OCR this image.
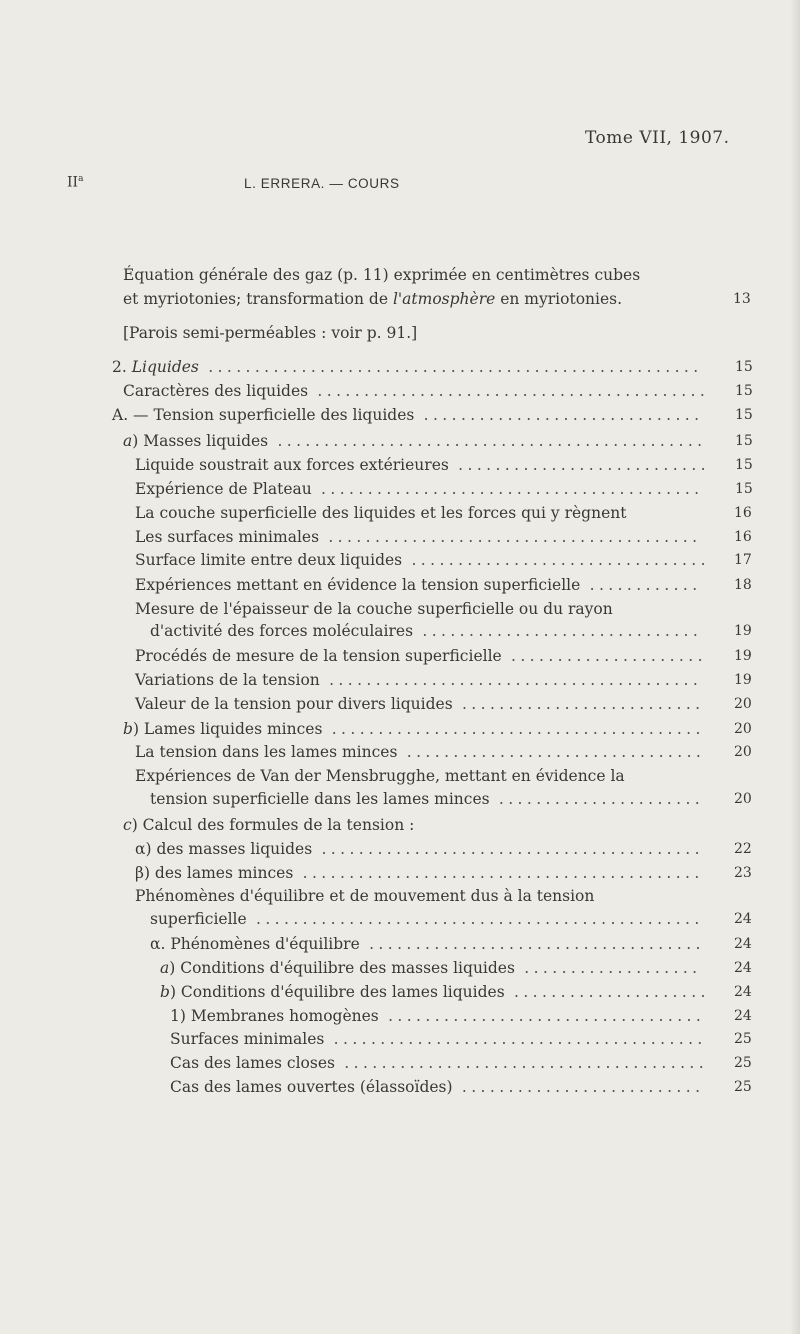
Tome VII, 1907.
$II^a$	L. ERRERA. — COURS
Équation générale des gaz (p. 11) exprimée en centimètres cubes
et myriotonies; transformation de l'atmosphère en myriotonies.	13
[Parois semi-perméables : voir p. 91.]
2. Liquides ..................................................... 15
Caractères des liquides .......................................... 15
A. — Tension superficielle des liquides .............................. 15
a) Masses liquides .............................................. 15
Liquide soustrait aux forces extérieures ........................... 15
Expérience de Plateau ......................................... 15
La couche superficielle des liquides et les forces qui y règnent	16
Les surfaces minimales ........................................ 16
Surface limite entre deux liquides ................................ 17
Expériences mettant en évidence la tension superficielle ............ 18
Mesure de l'épaisseur de la couche superficielle ou du rayon
d'activité des forces moléculaires .............................. 19
Procédés de mesure de la tension superficielle ..................... 19
Variations de la tension ........................................ 19
Valeur de la tension pour divers liquides .......................... 20
b) Lames liquides minces ........................................ 20
La tension dans les lames minces ................................ 20
Expériences de Van der Mensbrugghe, mettant en évidence la
tension superficielle dans les lames minces ...................... 20
c) Calcul des formules de la tension :
α) des masses liquides ......................................... 22
β) des lames minces ........................................... 23
Phénomènes d'équilibre et de mouvement dus à la tension
superficielle ................................................ 24
α. Phénomènes d'équilibre .................................... 24
a) Conditions d'équilibre des masses liquides ................... 24
b) Conditions d'équilibre des lames liquides ..................... 24
1) Membranes homogènes .................................. 24
Surfaces minimales ........................................ 25
Cas des lames closes ....................................... 25
Cas des lames ouvertes (élassoïdes) .......................... 25
